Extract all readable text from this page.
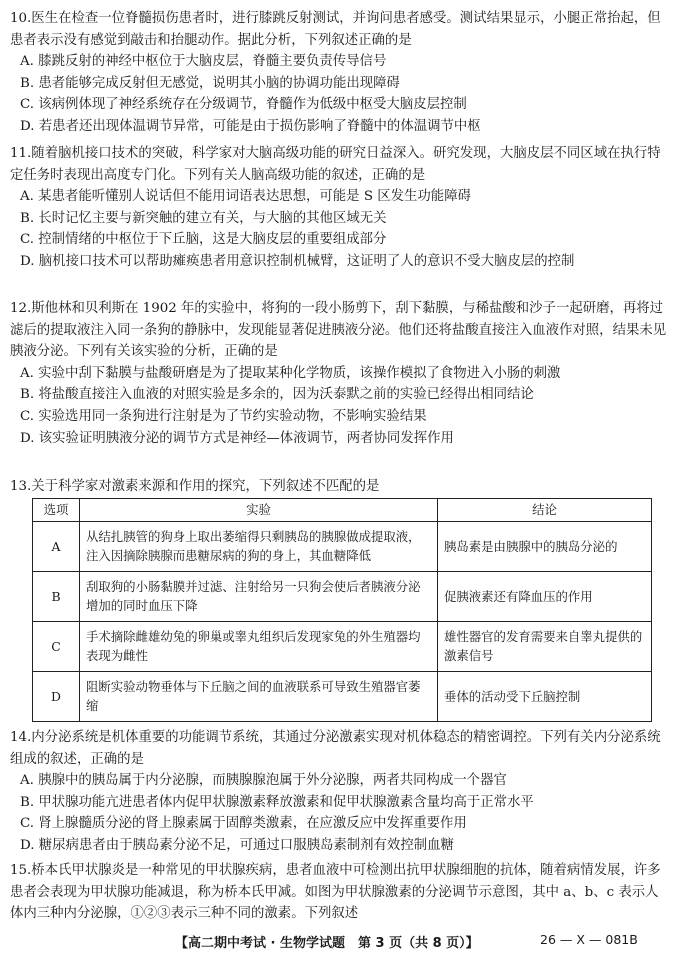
10.医生在检查一位脊髓损伤患者时，进行膝跳反射测试，并询问患者感受。测试结果显示，小腿正常抬起，但患者表示没有感觉到敲击和抬腿动作。据此分析，下列叙述正确的是

A. 膝跳反射的神经中枢位于大脑皮层，脊髓主要负责传导信号

B. 患者能够完成反射但无感觉，说明其小脑的协调功能出现障碍

C. 该病例体现了神经系统存在分级调节，脊髓作为低级中枢受大脑皮层控制

D. 若患者还出现体温调节异常，可能是由于损伤影响了脊髓中的体温调节中枢

11.随着脑机接口技术的突破，科学家对大脑高级功能的研究日益深入。研究发现，大脑皮层不同区域在执行特定任务时表现出高度专门化。下列有关人脑高级功能的叙述，正确的是

A. 某患者能听懂别人说话但不能用词语表达思想，可能是 S 区发生功能障碍

B. 长时记忆主要与新突触的建立有关，与大脑的其他区域无关

C. 控制情绪的中枢位于下丘脑，这是大脑皮层的重要组成部分

D. 脑机接口技术可以帮助瘫痪患者用意识控制机械臂，这证明了人的意识不受大脑皮层的控制

12.斯他林和贝利斯在 1902 年的实验中，将狗的一段小肠剪下，刮下黏膜，与稀盐酸和沙子一起研磨，再将过滤后的提取液注入同一条狗的静脉中，发现能显著促进胰液分泌。他们还将盐酸直接注入血液作对照，结果未见胰液分泌。下列有关该实验的分析，正确的是

A. 实验中刮下黏膜与盐酸研磨是为了提取某种化学物质，该操作模拟了食物进入小肠的刺激

B. 将盐酸直接注入血液的对照实验是多余的，因为沃泰默之前的实验已经得出相同结论

C. 实验选用同一条狗进行注射是为了节约实验动物，不影响实验结果

D. 该实验证明胰液分泌的调节方式是神经—体液调节，两者协同发挥作用

13.关于科学家对激素来源和作用的探究，下列叙述不匹配的是

选项	实验	结论
A	从结扎胰管的狗身上取出萎缩得只剩胰岛的胰腺做成提取液，注入因摘除胰腺而患糖尿病的狗的身上，其血糖降低	胰岛素是由胰腺中的胰岛分泌的
B	刮取狗的小肠黏膜并过滤、注射给另一只狗会使后者胰液分泌增加的同时血压下降	促胰液素还有降血压的作用
C	手术摘除雌雄幼兔的卵巢或睾丸组织后发现家兔的外生殖器均表现为雌性	雄性器官的发育需要来自睾丸提供的激素信号
D	阻断实验动物垂体与下丘脑之间的血液联系可导致生殖器官萎缩	垂体的活动受下丘脑控制

14.内分泌系统是机体重要的功能调节系统，其通过分泌激素实现对机体稳态的精密调控。下列有关内分泌系统组成的叙述，正确的是

A. 胰腺中的胰岛属于内分泌腺，而胰腺腺泡属于外分泌腺，两者共同构成一个器官

B. 甲状腺功能亢进患者体内促甲状腺激素释放激素和促甲状腺激素含量均高于正常水平

C. 肾上腺髓质分泌的肾上腺素属于固醇类激素，在应激反应中发挥重要作用

D. 糖尿病患者由于胰岛素分泌不足，可通过口服胰岛素制剂有效控制血糖

15.桥本氏甲状腺炎是一种常见的甲状腺疾病，患者血液中可检测出抗甲状腺细胞的抗体，随着病情发展，许多患者会表现为甲状腺功能减退，称为桥本氏甲减。如图为甲状腺激素的分泌调节示意图，其中 a、b、c 表示人体内三种内分泌腺，①②③表示三种不同的激素。下列叙述

【高二期中考试 · 生物学试题　第 3 页（共 8 页）】	26 — X — 081B
